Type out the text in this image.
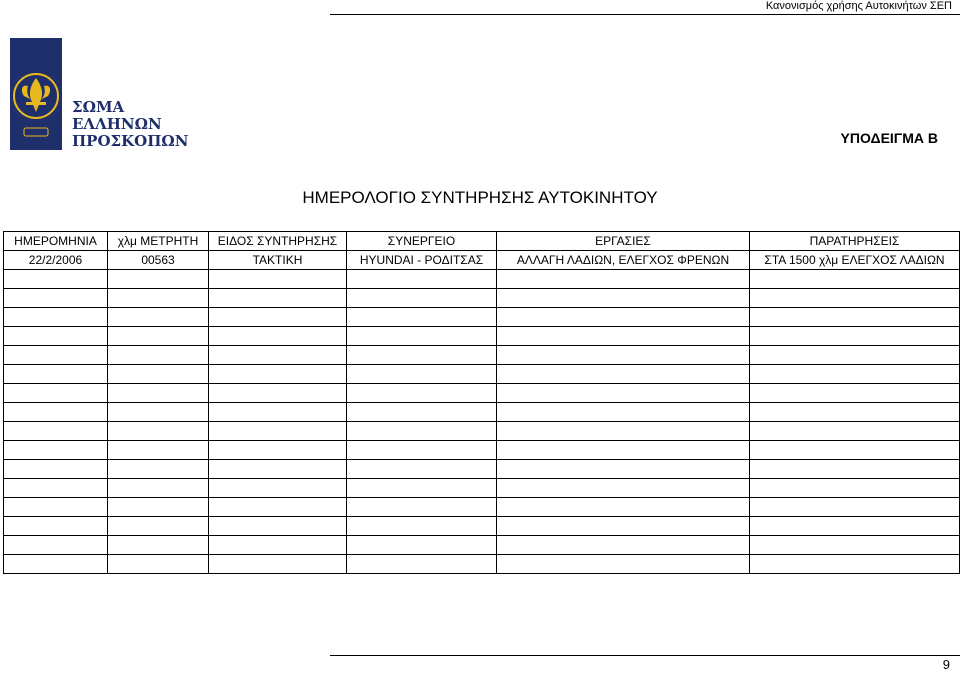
Κανονισμός χρήσης Αυτοκινήτων ΣΕΠ
ΣΩΜΑ
ΕΛΛΗΝΩΝ
ΠΡΟΣΚΟΠΩΝ	ΥΠΟΔΕΙΓΜΑ Β
ΗΜΕΡΟΛΟΓΙΟ ΣΥΝΤΗΡΗΣΗΣ ΑΥΤΟΚΙΝΗΤΟΥ
ΗΜΕΡΟΜΗΝΙΑ	χλμ ΜΕΤΡΗΤΗ	ΕΙΔΟΣ ΣΥΝΤΗΡΗΣΗΣ	ΣΥΝΕΡΓΕΙΟ	ΕΡΓΑΣΙΕΣ	ΠΑΡΑΤΗΡΗΣΕΙΣ
22/2/2006	00563	ΤΑΚΤΙΚΗ	HYUNDAI - ΡΟΔΙΤΣΑΣ	ΑΛΛΑΓΗ ΛΑΔΙΩΝ, ΕΛΕΓΧΟΣ ΦΡΕΝΩΝ	ΣΤΑ 1500 χλμ ΕΛΕΓΧΟΣ ΛΑΔΙΩΝ

9
